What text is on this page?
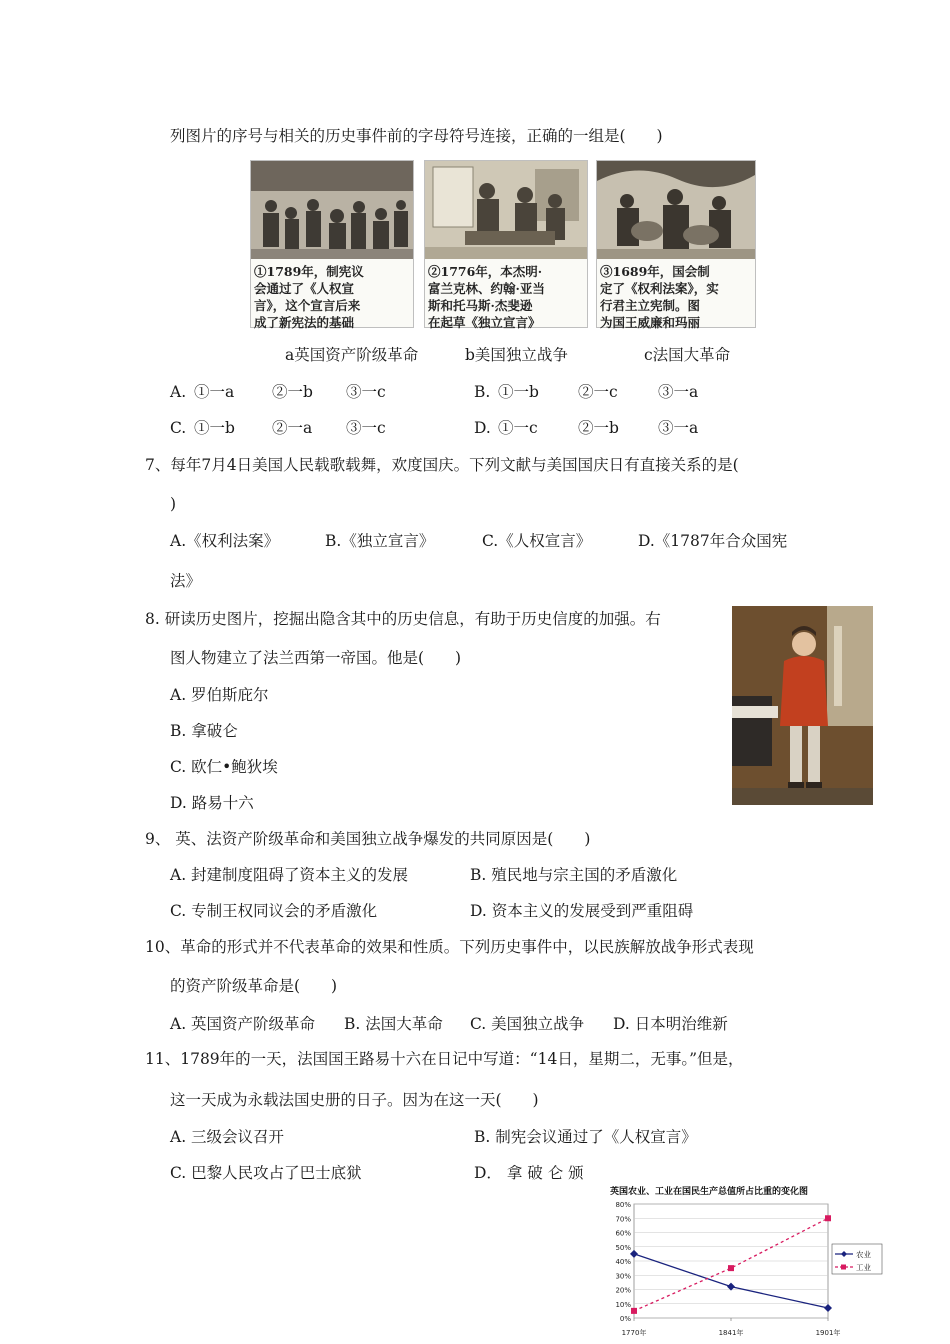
列图片的序号与相关的历史事件前的字母符号连接，正确的一组是(　　)
①1789年，制宪议
会通过了《人权宣
言》，这个宣言后来
成了新宪法的基础
②1776年，本杰明·
富兰克林、约翰·亚当
斯和托马斯·杰斐逊
在起草《独立宣言》
③1689年，国会制
定了《权利法案》，实
行君主立宪制。图
为国王威廉和玛丽
a英国资产阶级革命	b美国独立战争	c法国大革命
A. ①一a ②一b ③一c	B. ①一b	②一c	③一a
C. ①一b ②一a ③一c	D. ①一c	②一b	③一a
7、每年7月4日美国人民载歌载舞，欢度国庆。下列文献与美国国庆日有直接关系的是(
)
A.《权利法案》	B.《独立宣言》	C.《人权宣言》	D.《1787年合众国宪
法》
8. 研读历史图片，挖掘出隐含其中的历史信息，有助于历史信度的加强。右
图人物建立了法兰西第一帝国。他是(　　)
A. 罗伯斯庇尔
B. 拿破仑
C. 欧仁•鲍狄埃
D. 路易十六
9、 英、法资产阶级革命和美国独立战争爆发的共同原因是(　　)
A. 封建制度阻碍了资本主义的发展	B. 殖民地与宗主国的矛盾激化
C. 专制王权同议会的矛盾激化	D. 资本主义的发展受到严重阻碍
10、革命的形式并不代表革命的效果和性质。下列历史事件中，以民族解放战争形式表现
的资产阶级革命是(　　)
A. 英国资产阶级革命 B. 法国大革命 C. 美国独立战争 D. 日本明治维新
11、1789年的一天，法国国王路易十六在日记中写道：“14日，星期二，无事。”但是，
这一天成为永载法国史册的日子。因为在这一天(　　)
A. 三级会议召开	B. 制宪会议通过了《人权宣言》
C. 巴黎人民攻占了巴士底狱	D． 拿 破 仑 颁
英国农业、工业在国民生产总值所占比重的变化图
0%
10%
20%
30%
40%
50%
60%
70%
80%
1770年	1841年	1901年
农业
工业
